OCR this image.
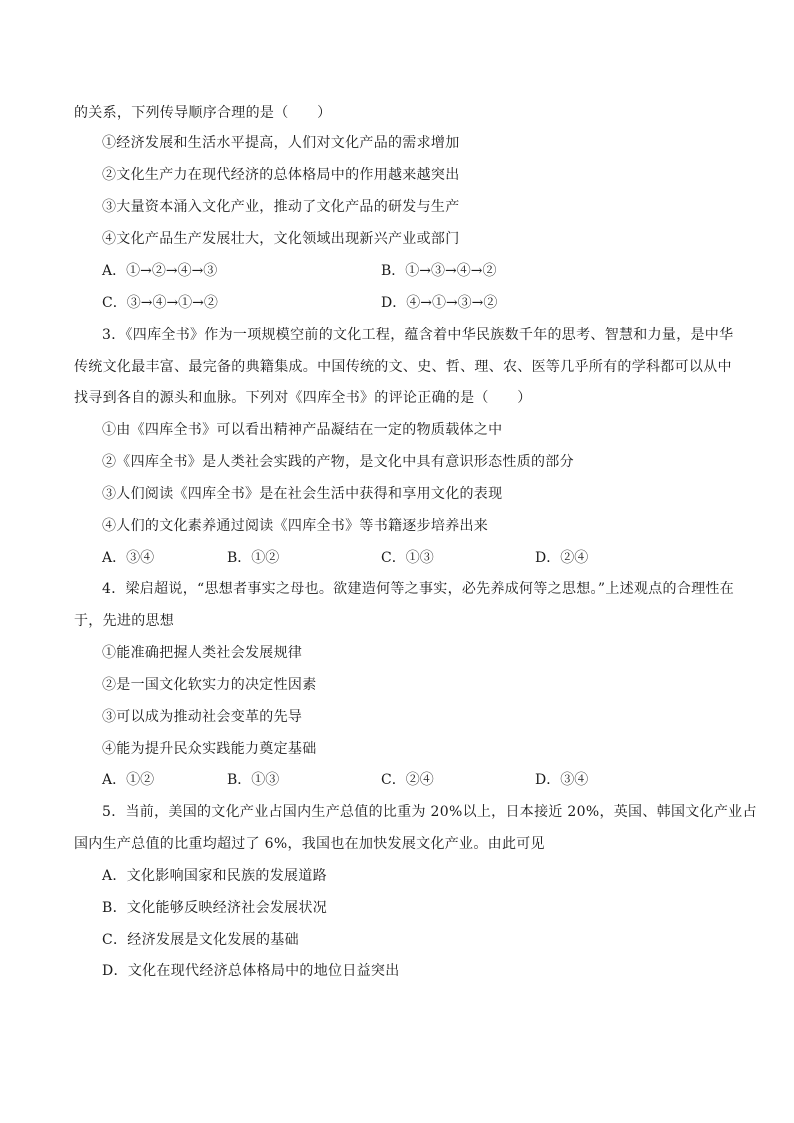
的关系，下列传导顺序合理的是（　　）
①经济发展和生活水平提高，人们对文化产品的需求增加
②文化生产力在现代经济的总体格局中的作用越来越突出
③大量资本涌入文化产业，推动了文化产品的研发与生产
④文化产品生产发展壮大，文化领域出现新兴产业或部门
A．①→②→④→③	B．①→③→④→②
C．③→④→①→②	D．④→①→③→②
3．《四库全书》作为一项规模空前的文化工程，蕴含着中华民族数千年的思考、智慧和力量，是中华
传统文化最丰富、最完备的典籍集成。中国传统的文、史、哲、理、农、医等几乎所有的学科都可以从中
找寻到各自的源头和血脉。下列对《四库全书》的评论正确的是（　　）
①由《四库全书》可以看出精神产品凝结在一定的物质载体之中
②《四库全书》是人类社会实践的产物，是文化中具有意识形态性质的部分
③人们阅读《四库全书》是在社会生活中获得和享用文化的表现
④人们的文化素养通过阅读《四库全书》等书籍逐步培养出来
A．③④	B．①②	C．①③	D．②④
4．梁启超说，“思想者事实之母也。欲建造何等之事实，必先养成何等之思想。”上述观点的合理性在
于，先进的思想
①能准确把握人类社会发展规律
②是一国文化软实力的决定性因素
③可以成为推动社会变革的先导
④能为提升民众实践能力奠定基础
A．①②	B．①③	C．②④	D．③④
5．当前，美国的文化产业占国内生产总值的比重为 20%以上，日本接近 20%，英国、韩国文化产业占
国内生产总值的比重均超过了 6%，我国也在加快发展文化产业。由此可见
A．文化影响国家和民族的发展道路
B．文化能够反映经济社会发展状况
C．经济发展是文化发展的基础
D．文化在现代经济总体格局中的地位日益突出
